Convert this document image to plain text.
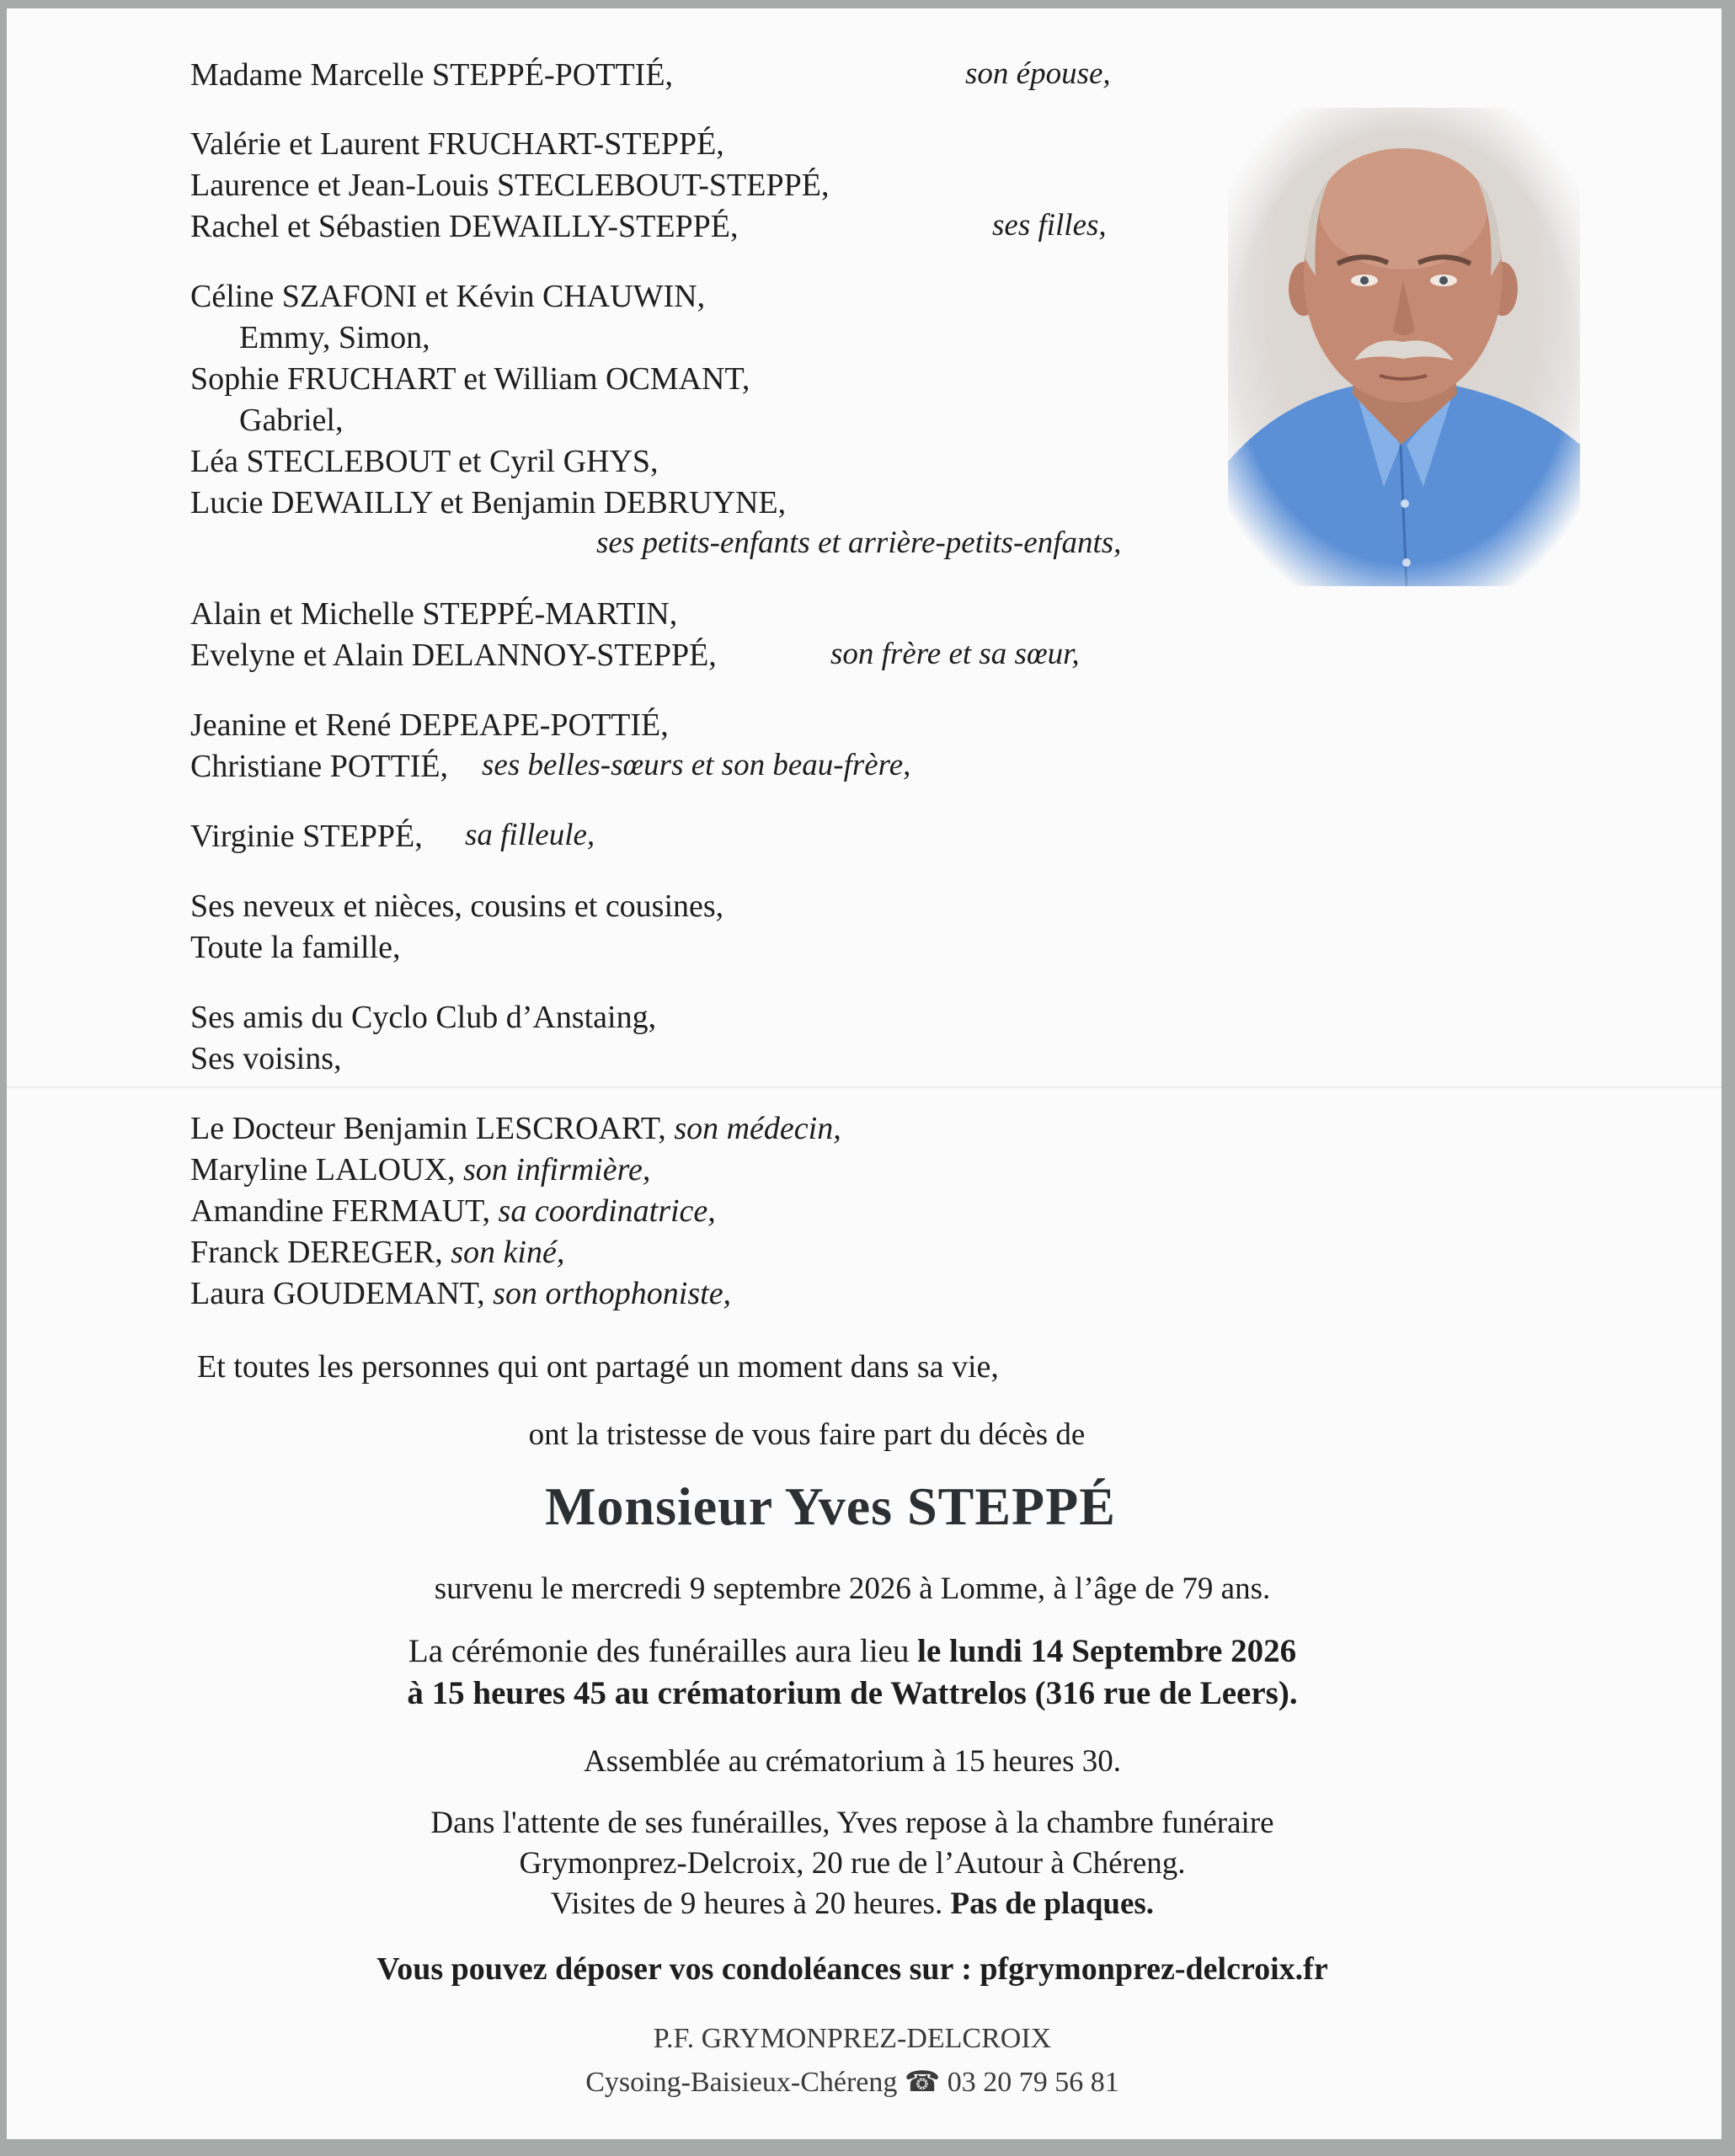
Madame Marcelle STEPPÉ-POTTIÉ,	son épouse,
Valérie et Laurent FRUCHART-STEPPÉ,
Laurence et Jean-Louis STECLEBOUT-STEPPÉ,
Rachel et Sébastien DEWAILLY-STEPPÉ,	ses filles,
Céline SZAFONI et Kévin CHAUWIN,
Emmy, Simon,
Sophie FRUCHART et William OCMANT,
Gabriel,
Léa STECLEBOUT et Cyril GHYS,
Lucie DEWAILLY et Benjamin DEBRUYNE,
ses petits-enfants et arrière-petits-enfants,
Alain et Michelle STEPPÉ-MARTIN,
Evelyne et Alain DELANNOY-STEPPÉ,	son frère et sa sœur,
Jeanine et René DEPEAPE-POTTIÉ,
Christiane POTTIÉ, ses belles-sœurs et son beau-frère,
Virginie STEPPÉ, sa filleule,
Ses neveux et nièces, cousins et cousines,
Toute la famille,
Ses amis du Cyclo Club d’Anstaing,
Ses voisins,
Le Docteur Benjamin LESCROART, son médecin,
Maryline LALOUX, son infirmière,
Amandine FERMAUT, sa coordinatrice,
Franck DEREGER, son kiné,
Laura GOUDEMANT, son orthophoniste,
Et toutes les personnes qui ont partagé un moment dans sa vie,
ont la tristesse de vous faire part du décès de
Monsieur Yves STEPPÉ
survenu le mercredi 9 septembre 2026 à Lomme, à l’âge de 79 ans.
La cérémonie des funérailles aura lieu le lundi 14 Septembre 2026
à 15 heures 45 au crématorium de Wattrelos (316 rue de Leers).
Assemblée au crématorium à 15 heures 30.
Dans l'attente de ses funérailles, Yves repose à la chambre funéraire
Grymonprez-Delcroix, 20 rue de l’Autour à Chéreng.
Visites de 9 heures à 20 heures. Pas de plaques.
Vous pouvez déposer vos condoléances sur : pfgrymonprez-delcroix.fr
P.F. GRYMONPREZ-DELCROIX
Cysoing-Baisieux-Chéreng ☎ 03 20 79 56 81
